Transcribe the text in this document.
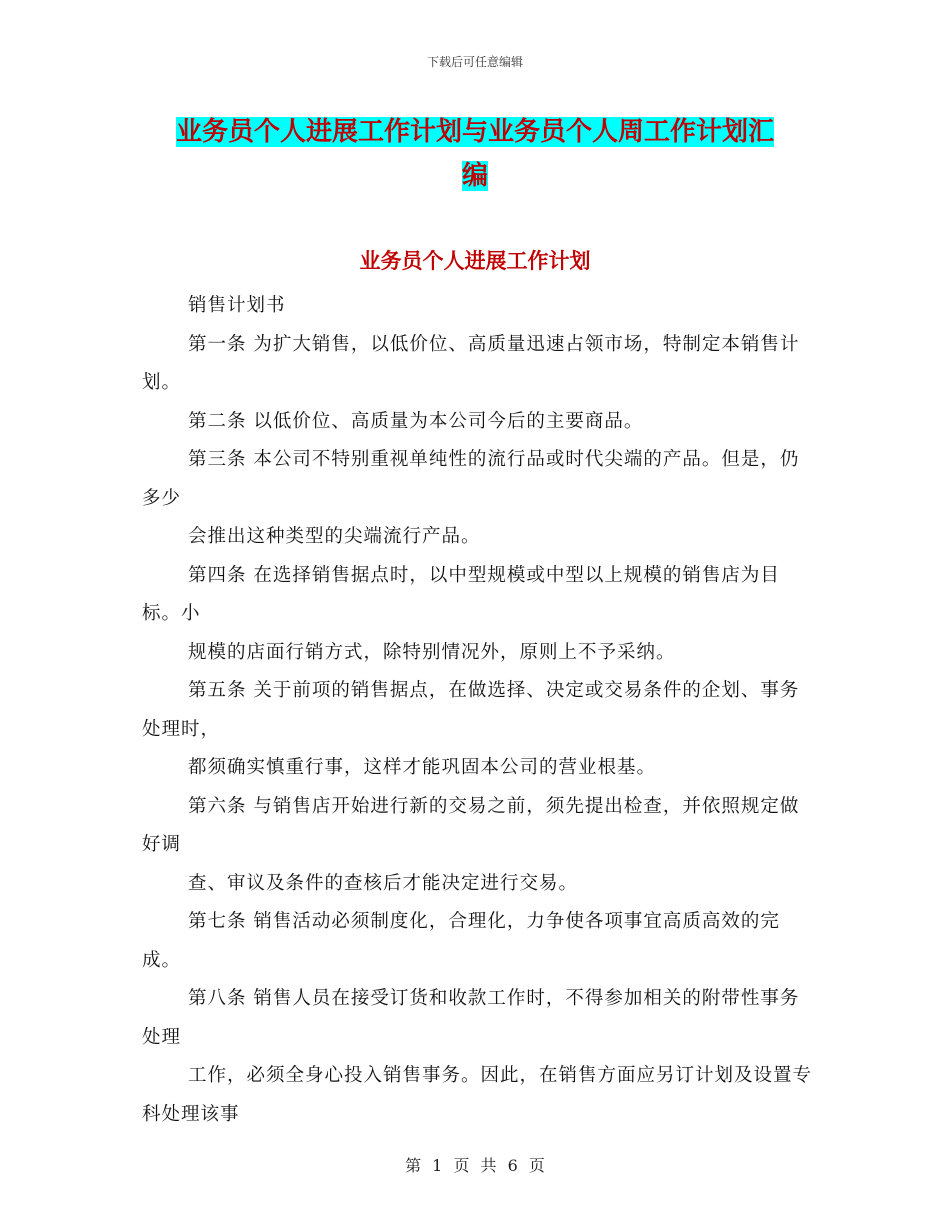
下载后可任意编辑
业务员个人进展工作计划与业务员个人周工作计划汇
编
业务员个人进展工作计划

销售计划书

第一条 为扩大销售，以低价位、高质量迅速占领市场，特制定本销售计划。

第二条 以低价位、高质量为本公司今后的主要商品。

第三条 本公司不特别重视单纯性的流行品或时代尖端的产品。但是，仍多少

会推出这种类型的尖端流行产品。

第四条 在选择销售据点时，以中型规模或中型以上规模的销售店为目标。小

规模的店面行销方式，除特别情况外，原则上不予采纳。

第五条 关于前项的销售据点，在做选择、决定或交易条件的企划、事务处理时，

都须确实慎重行事，这样才能巩固本公司的营业根基。

第六条 与销售店开始进行新的交易之前，须先提出检查，并依照规定做好调

查、审议及条件的查核后才能决定进行交易。

第七条 销售活动必须制度化，合理化，力争使各项事宜高质高效的完成。

第八条 销售人员在接受订货和收款工作时，不得参加相关的附带性事务处理

工作，必须全身心投入销售事务。因此，在销售方面应另订计划及设置专科处理该事

第 1 页 共 6 页
